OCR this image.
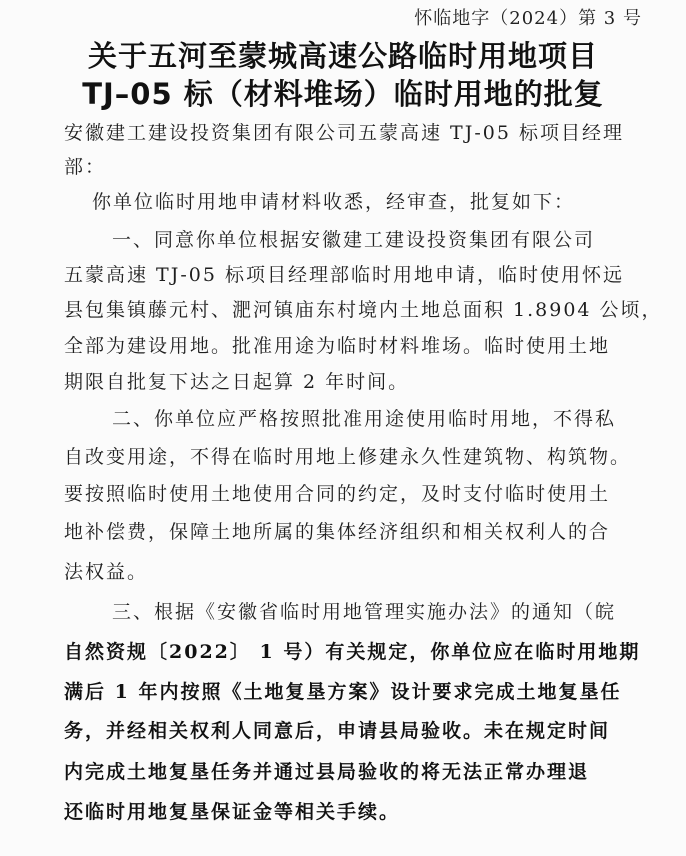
怀临地字（2024）第 3 号
关于五河至蒙城高速公路临时用地项目
TJ–05 标（材料堆场）临时用地的批复
安徽建工建设投资集团有限公司五蒙高速 TJ-05 标项目经理
部：
你单位临时用地申请材料收悉，经审查，批复如下：
一、同意你单位根据安徽建工建设投资集团有限公司
五蒙高速 TJ-05 标项目经理部临时用地申请，临时使用怀远
县包集镇藤元村、淝河镇庙东村境内土地总面积 1.8904 公顷，
全部为建设用地。批准用途为临时材料堆场。临时使用土地
期限自批复下达之日起算 2 年时间。
二、你单位应严格按照批准用途使用临时用地，不得私
自改变用途，不得在临时用地上修建永久性建筑物、构筑物。
要按照临时使用土地使用合同的约定，及时支付临时使用土
地补偿费，保障土地所属的集体经济组织和相关权利人的合
法权益。
三、根据《安徽省临时用地管理实施办法》的通知（皖
自然资规〔2022〕 1 号）有关规定，你单位应在临时用地期
满后 1 年内按照《土地复垦方案》设计要求完成土地复垦任
务，并经相关权利人同意后，申请县局验收。未在规定时间
内完成土地复垦任务并通过县局验收的将无法正常办理退
还临时用地复垦保证金等相关手续。
